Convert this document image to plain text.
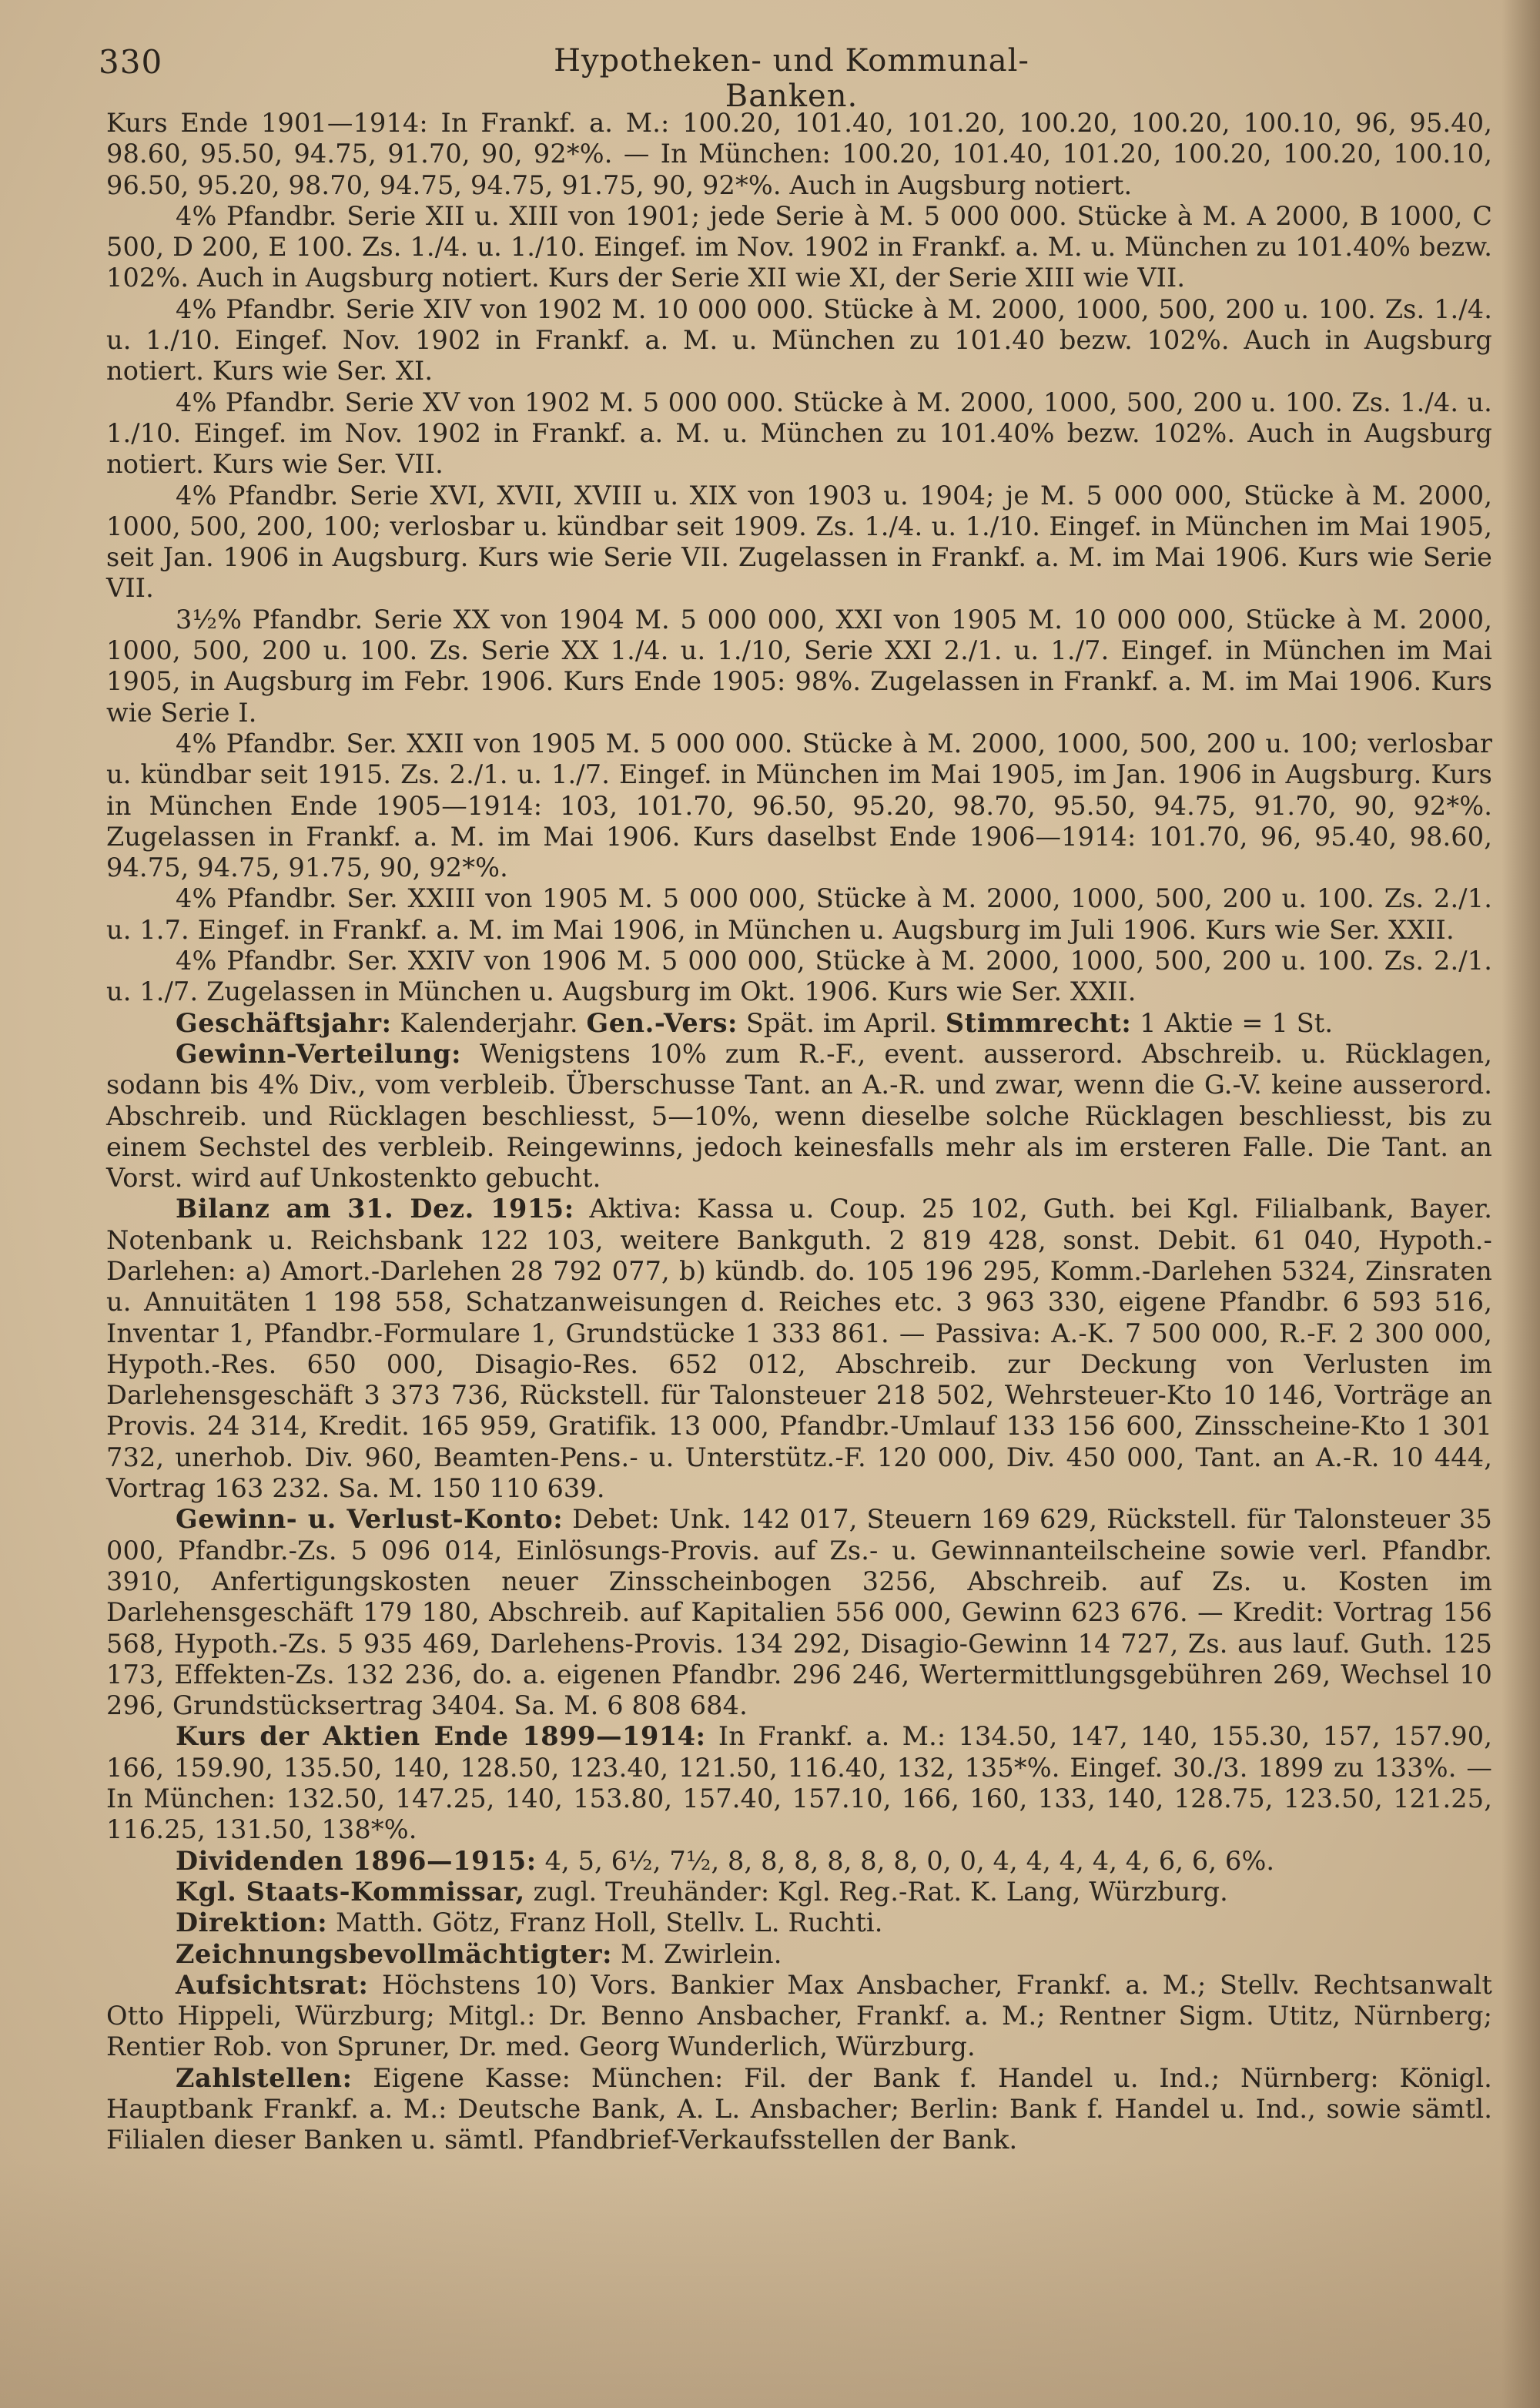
330	Hypotheken- und Kommunal-Banken.

Kurs Ende 1901—1914: In Frankf. a. M.: 100.20, 101.40, 101.20, 100.20, 100.20, 100.10, 96, 95.40, 98.60, 95.50, 94.75, 91.70, 90, 92*%. — In München: 100.20, 101.40, 101.20, 100.20, 100.20, 100.10, 96.50, 95.20, 98.70, 94.75, 94.75, 91.75, 90, 92*%. Auch in Augsburg notiert.

4% Pfandbr. Serie XII u. XIII von 1901; jede Serie à M. 5 000 000. Stücke à M. A 2000, B 1000, C 500, D 200, E 100. Zs. 1./4. u. 1./10. Eingef. im Nov. 1902 in Frankf. a. M. u. München zu 101.40% bezw. 102%. Auch in Augsburg notiert. Kurs der Serie XII wie XI, der Serie XIII wie VII.

4% Pfandbr. Serie XIV von 1902 M. 10 000 000. Stücke à M. 2000, 1000, 500, 200 u. 100. Zs. 1./4. u. 1./10. Eingef. Nov. 1902 in Frankf. a. M. u. München zu 101.40 bezw. 102%. Auch in Augsburg notiert. Kurs wie Ser. XI.

4% Pfandbr. Serie XV von 1902 M. 5 000 000. Stücke à M. 2000, 1000, 500, 200 u. 100. Zs. 1./4. u. 1./10. Eingef. im Nov. 1902 in Frankf. a. M. u. München zu 101.40% bezw. 102%. Auch in Augsburg notiert. Kurs wie Ser. VII.

4% Pfandbr. Serie XVI, XVII, XVIII u. XIX von 1903 u. 1904; je M. 5 000 000, Stücke à M. 2000, 1000, 500, 200, 100; verlosbar u. kündbar seit 1909. Zs. 1./4. u. 1./10. Eingef. in München im Mai 1905, seit Jan. 1906 in Augsburg. Kurs wie Serie VII. Zugelassen in Frankf. a. M. im Mai 1906. Kurs wie Serie VII.

3½% Pfandbr. Serie XX von 1904 M. 5 000 000, XXI von 1905 M. 10 000 000, Stücke à M. 2000, 1000, 500, 200 u. 100. Zs. Serie XX 1./4. u. 1./10, Serie XXI 2./1. u. 1./7. Eingef. in München im Mai 1905, in Augsburg im Febr. 1906. Kurs Ende 1905: 98%. Zugelassen in Frankf. a. M. im Mai 1906. Kurs wie Serie I.

4% Pfandbr. Ser. XXII von 1905 M. 5 000 000. Stücke à M. 2000, 1000, 500, 200 u. 100; verlosbar u. kündbar seit 1915. Zs. 2./1. u. 1./7. Eingef. in München im Mai 1905, im Jan. 1906 in Augsburg. Kurs in München Ende 1905—1914: 103, 101.70, 96.50, 95.20, 98.70, 95.50, 94.75, 91.70, 90, 92*%. Zugelassen in Frankf. a. M. im Mai 1906. Kurs daselbst Ende 1906—1914: 101.70, 96, 95.40, 98.60, 94.75, 94.75, 91.75, 90, 92*%.

4% Pfandbr. Ser. XXIII von 1905 M. 5 000 000, Stücke à M. 2000, 1000, 500, 200 u. 100. Zs. 2./1. u. 1.7. Eingef. in Frankf. a. M. im Mai 1906, in München u. Augsburg im Juli 1906. Kurs wie Ser. XXII.

4% Pfandbr. Ser. XXIV von 1906 M. 5 000 000, Stücke à M. 2000, 1000, 500, 200 u. 100. Zs. 2./1. u. 1./7. Zugelassen in München u. Augsburg im Okt. 1906. Kurs wie Ser. XXII.

Geschäftsjahr: Kalenderjahr. Gen.-Vers: Spät. im April. Stimmrecht: 1 Aktie = 1 St.

Gewinn-Verteilung: Wenigstens 10% zum R.-F., event. ausserord. Abschreib. u. Rücklagen, sodann bis 4% Div., vom verbleib. Überschusse Tant. an A.-R. und zwar, wenn die G.-V. keine ausserord. Abschreib. und Rücklagen beschliesst, 5—10%, wenn dieselbe solche Rücklagen beschliesst, bis zu einem Sechstel des verbleib. Reingewinns, jedoch keinesfalls mehr als im ersteren Falle. Die Tant. an Vorst. wird auf Unkostenkto gebucht.

Bilanz am 31. Dez. 1915: Aktiva: Kassa u. Coup. 25 102, Guth. bei Kgl. Filialbank, Bayer. Notenbank u. Reichsbank 122 103, weitere Bankguth. 2 819 428, sonst. Debit. 61 040, Hypoth.-Darlehen: a) Amort.-Darlehen 28 792 077, b) kündb. do. 105 196 295, Komm.-Darlehen 5324, Zinsraten u. Annuitäten 1 198 558, Schatzanweisungen d. Reiches etc. 3 963 330, eigene Pfandbr. 6 593 516, Inventar 1, Pfandbr.-Formulare 1, Grundstücke 1 333 861. — Passiva: A.-K. 7 500 000, R.-F. 2 300 000, Hypoth.-Res. 650 000, Disagio-Res. 652 012, Abschreib. zur Deckung von Verlusten im Darlehensgeschäft 3 373 736, Rückstell. für Talonsteuer 218 502, Wehrsteuer-Kto 10 146, Vorträge an Provis. 24 314, Kredit. 165 959, Gratifik. 13 000, Pfandbr.-Umlauf 133 156 600, Zinsscheine-Kto 1 301 732, unerhob. Div. 960, Beamten-Pens.- u. Unterstütz.-F. 120 000, Div. 450 000, Tant. an A.-R. 10 444, Vortrag 163 232. Sa. M. 150 110 639.

Gewinn- u. Verlust-Konto: Debet: Unk. 142 017, Steuern 169 629, Rückstell. für Talonsteuer 35 000, Pfandbr.-Zs. 5 096 014, Einlösungs-Provis. auf Zs.- u. Gewinnanteilscheine sowie verl. Pfandbr. 3910, Anfertigungskosten neuer Zinsscheinbogen 3256, Abschreib. auf Zs. u. Kosten im Darlehensgeschäft 179 180, Abschreib. auf Kapitalien 556 000, Gewinn 623 676. — Kredit: Vortrag 156 568, Hypoth.-Zs. 5 935 469, Darlehens-Provis. 134 292, Disagio-Gewinn 14 727, Zs. aus lauf. Guth. 125 173, Effekten-Zs. 132 236, do. a. eigenen Pfandbr. 296 246, Wertermittlungsgebühren 269, Wechsel 10 296, Grundstücksertrag 3404. Sa. M. 6 808 684.

Kurs der Aktien Ende 1899—1914: In Frankf. a. M.: 134.50, 147, 140, 155.30, 157, 157.90, 166, 159.90, 135.50, 140, 128.50, 123.40, 121.50, 116.40, 132, 135*%. Eingef. 30./3. 1899 zu 133%. — In München: 132.50, 147.25, 140, 153.80, 157.40, 157.10, 166, 160, 133, 140, 128.75, 123.50, 121.25, 116.25, 131.50, 138*%.

Dividenden 1896—1915: 4, 5, 6½, 7½, 8, 8, 8, 8, 8, 8, 0, 0, 4, 4, 4, 4, 4, 6, 6, 6%.

Kgl. Staats-Kommissar, zugl. Treuhänder: Kgl. Reg.-Rat. K. Lang, Würzburg.

Direktion: Matth. Götz, Franz Holl, Stellv. L. Ruchti.

Zeichnungsbevollmächtigter: M. Zwirlein.

Aufsichtsrat: Höchstens 10) Vors. Bankier Max Ansbacher, Frankf. a. M.; Stellv. Rechtsanwalt Otto Hippeli, Würzburg; Mitgl.: Dr. Benno Ansbacher, Frankf. a. M.; Rentner Sigm. Utitz, Nürnberg; Rentier Rob. von Spruner, Dr. med. Georg Wunderlich, Würzburg.

Zahlstellen: Eigene Kasse: München: Fil. der Bank f. Handel u. Ind.; Nürnberg: Königl. Hauptbank Frankf. a. M.: Deutsche Bank, A. L. Ansbacher; Berlin: Bank f. Handel u. Ind., sowie sämtl. Filialen dieser Banken u. sämtl. Pfandbrief-Verkaufsstellen der Bank.
